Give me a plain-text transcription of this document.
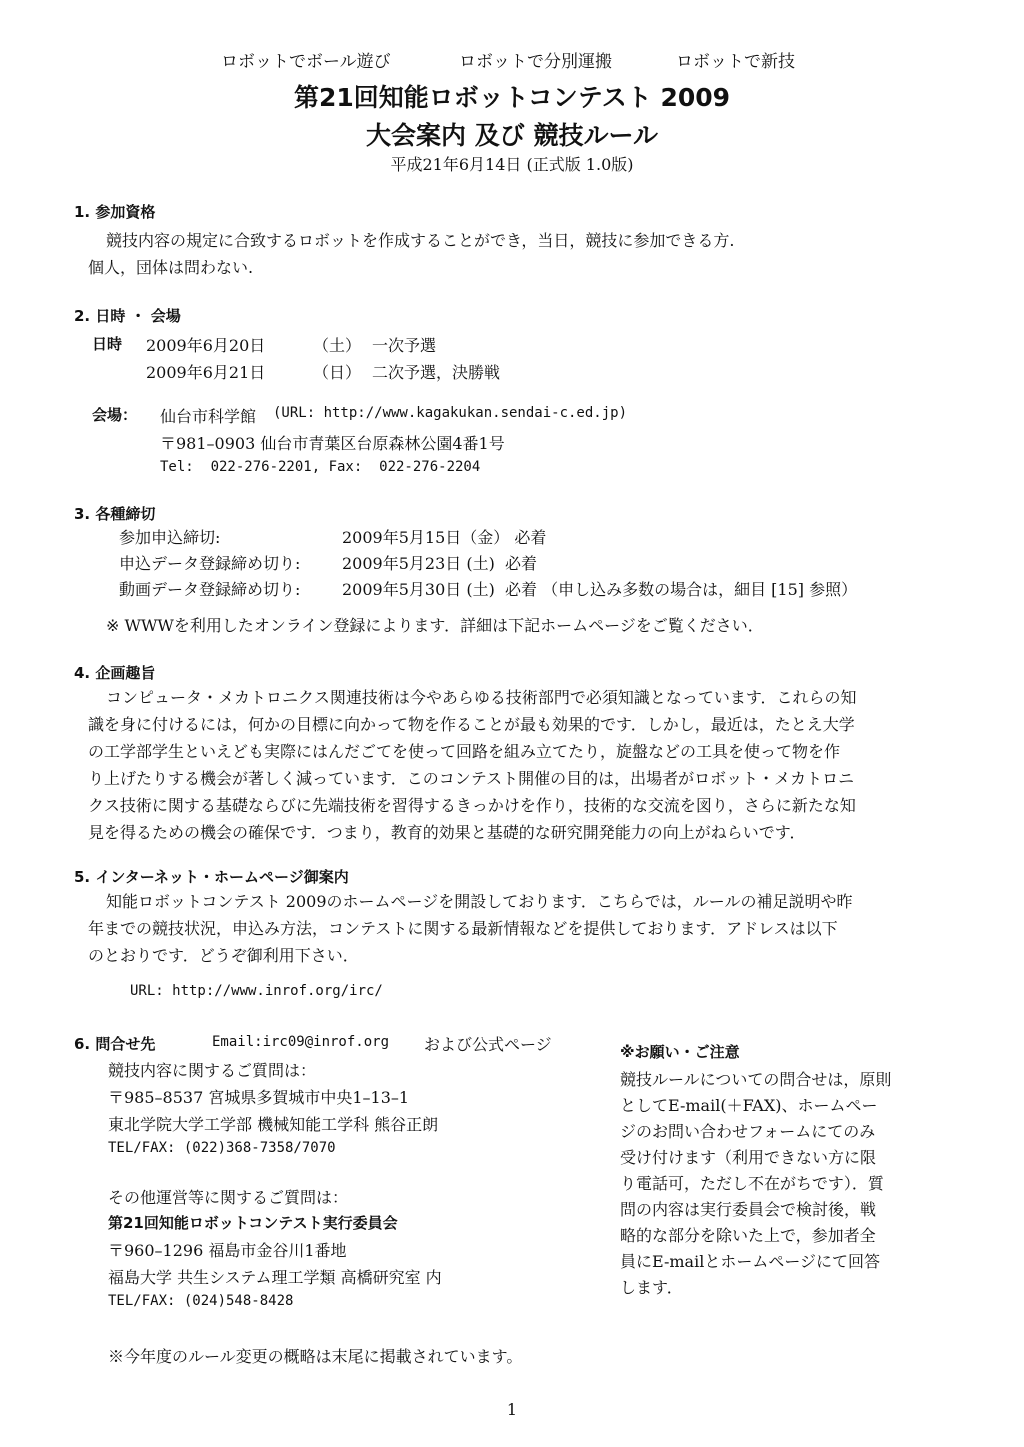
ロボットでボール遊び	ロボットで分別運搬	ロボットで新技
第21回知能ロボットコンテスト 2009
大会案内 及び 競技ルール
平成21年6月14日 (正式版 1.0版)
1. 参加資格
競技内容の規定に合致するロボットを作成することができ，当日，競技に参加できる方.
個人，団体は問わない.
2. 日時 ・ 会場
日時 2009年6月20日	（土） 一次予選
2009年6月21日	（日） 二次予選，決勝戦
会場： 仙台市科学館 (URL: http://www.kagakukan.sendai-c.ed.jp)
〒981–0903 仙台市青葉区台原森林公園4番1号
Tel:  022-276-2201, Fax:  022-276-2204
3. 各種締切
参加申込締切:	2009年5月15日（金） 必着
申込データ登録締め切り:	2009年5月23日 (土)  必着
動画データ登録締め切り:	2009年5月30日 (土)  必着 （申し込み多数の場合は，細目 [15] 参照）
※ WWWを利用したオンライン登録によります．詳細は下記ホームページをご覧ください．
4. 企画趣旨
コンピュータ・メカトロニクス関連技術は今やあらゆる技術部門で必須知識となっています．これらの知
識を身に付けるには，何かの目標に向かって物を作ることが最も効果的です．しかし，最近は，たとえ大学
の工学部学生といえども実際にはんだごてを使って回路を組み立てたり，旋盤などの工具を使って物を作
り上げたりする機会が著しく減っています．このコンテスト開催の目的は，出場者がロボット・メカトロニ
クス技術に関する基礎ならびに先端技術を習得するきっかけを作り，技術的な交流を図り，さらに新たな知
見を得るための機会の確保です．つまり，教育的効果と基礎的な研究開発能力の向上がねらいです．
5. インターネット・ホームページ御案内
知能ロボットコンテスト 2009のホームページを開設しております．こちらでは，ルールの補足説明や昨
年までの競技状況，申込み方法，コンテストに関する最新情報などを提供しております．アドレスは以下
のとおりです．どうぞ御利用下さい．
URL: http://www.inrof.org/irc/
6. 問合せ先	Email:irc09@inrof.org および公式ページ
競技内容に関するご質問は：
〒985–8537 宮城県多賀城市中央1–13–1
東北学院大学工学部 機械知能工学科 熊谷正朗
TEL/FAX: (022)368-7358/7070
その他運営等に関するご質問は：
第21回知能ロボットコンテスト実行委員会
〒960–1296 福島市金谷川1番地
福島大学 共生システム理工学類 高橋研究室 内
TEL/FAX: (024)548-8428
※今年度のルール変更の概略は末尾に掲載されています。
※お願い・ご注意
競技ルールについての問合せは，原則
としてE-mail(＋FAX)、ホームペー
ジのお問い合わせフォームにてのみ
受け付けます（利用できない方に限
り電話可，ただし不在がちです）．質
問の内容は実行委員会で検討後，戦
略的な部分を除いた上で，参加者全
員にE-mailとホームページにて回答
します．
1
